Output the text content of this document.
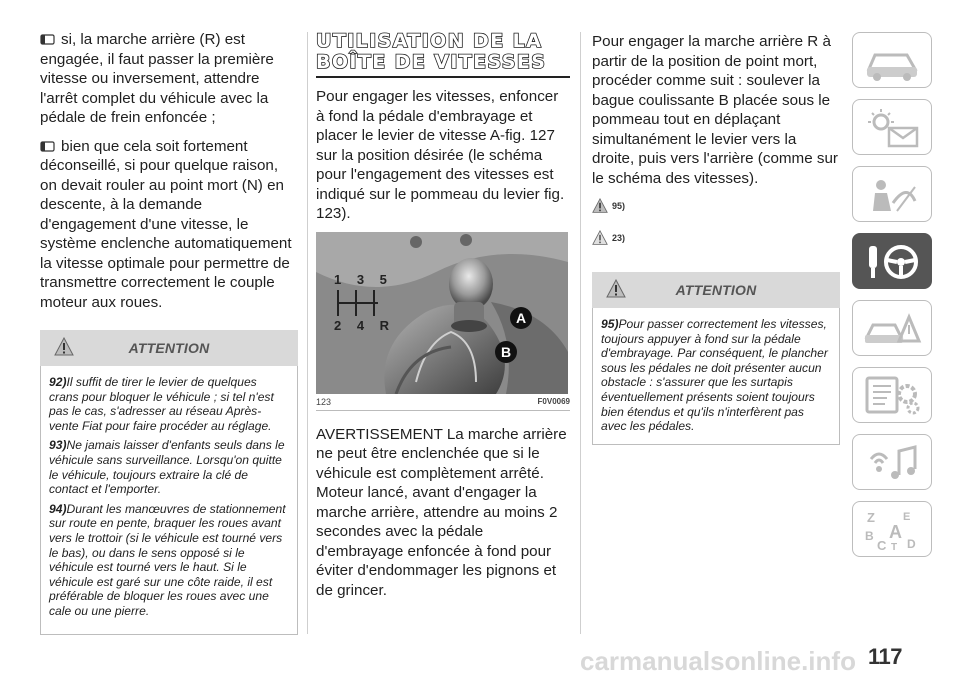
si, la marche arrière (R) est engagée, il faut passer la première vitesse ou inversement, attendre l'arrêt complet du véhicule avec la pédale de frein enfoncée ;

bien que cela soit fortement déconseillé, si pour quelque raison, on devait rouler au point mort (N) en descente, à la demande d'engagement d'une vitesse, le système enclenche automatiquement la vitesse optimale pour permettre de transmettre correctement le couple moteur aux roues.

ATTENTION

92)Il suffit de tirer le levier de quelques crans pour bloquer le véhicule ; si tel n'est pas le cas, s'adresser au réseau Après-vente Fiat pour faire procéder au réglage.

93)Ne jamais laisser d'enfants seuls dans le véhicule sans surveillance. Lorsqu'on quitte le véhicule, toujours extraire la clé de contact et l'emporter.

94)Durant les manœuvres de stationnement sur route en pente, braquer les roues avant vers le trottoir (si le véhicule est tourné vers le bas), ou dans le sens opposé si le véhicule est tourné vers le haut. Si le véhicule est garé sur une côte raide, il est préférable de bloquer les roues avec une cale ou une pierre.

UTILISATION DE LA
BOÎTE DE VITESSES

Pour engager les vitesses, enfoncer à fond la pédale d'embrayage et placer le levier de vitesse A-fig. 127 sur la position désirée (le schéma pour l'engagement des vitesses est indiqué sur le pommeau du levier fig. 123).

1 3 5
2 4 R	A
B
123	F0V0069

AVERTISSEMENT La marche arrière ne peut être enclenchée que si le véhicule est complètement arrêté. Moteur lancé, avant d'engager la marche arrière, attendre au moins 2 secondes avec la pédale d'embrayage enfoncée à fond pour éviter d'endommager les pignons et de grincer.

Pour engager la marche arrière R à partir de la position de point mort, procéder comme suit : soulever la bague coulissante B placée sous le pommeau tout en déplaçant simultanément le levier vers la droite, puis vers l'arrière (comme sur le schéma des vitesses).

95)
23)
ATTENTION

95)Pour passer correctement les vitesses, toujours appuyer à fond sur la pédale d'embrayage. Par conséquent, le plancher sous les pédales ne doit présenter aucun obstacle : s'assurer que les surtapis éventuellement présents soient toujours bien étendus et qu'ils n'interfèrent pas avec les pédales.

Z	E
B A
C T D
carmanualsonline.info 117
